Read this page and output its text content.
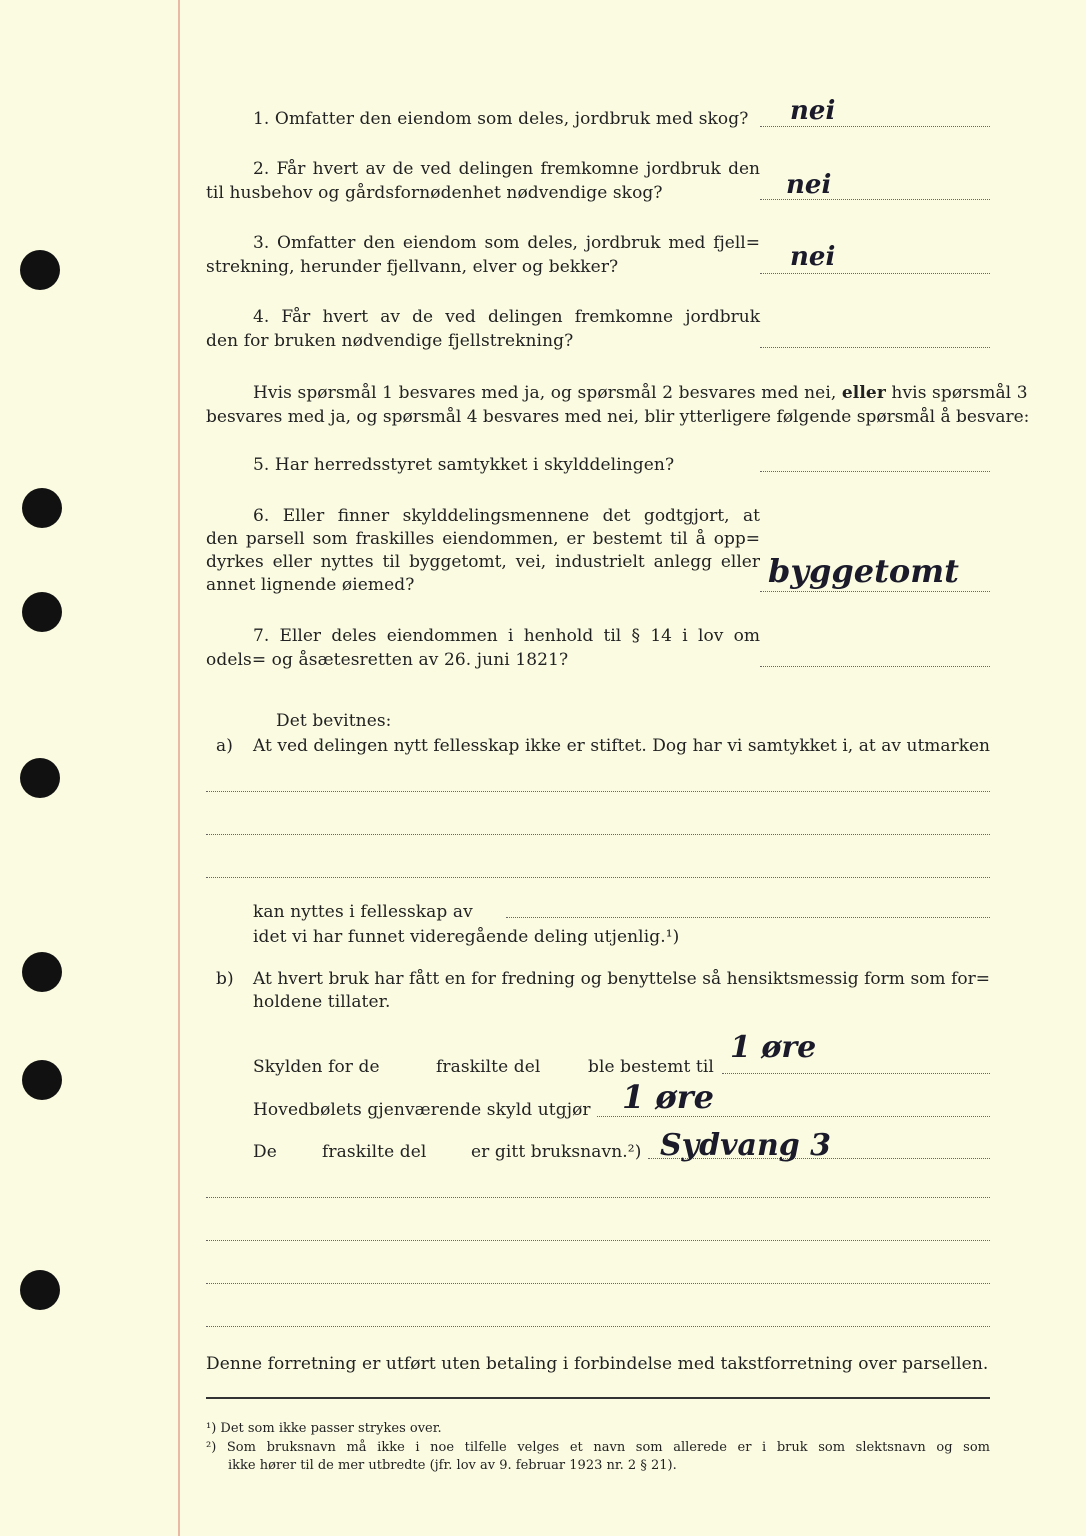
1. Omfatter den eiendom som deles, jordbruk med skog? nei
2. Får hvert av de ved delingen fremkomne jordbruk den
til husbehov og gårdsfornødenhet nødvendige skog?	nei
3. Omfatter den eiendom som deles, jordbruk med fjell=
strekning, herunder fjellvann, elver og bekker?	nei
4. Får hvert av de ved delingen fremkomne jordbruk
den for bruken nødvendige fjellstrekning?
Hvis spørsmål 1 besvares med ja, og spørsmål 2 besvares med nei, eller hvis spørsmål 3
besvares med ja, og spørsmål 4 besvares med nei, blir ytterligere følgende spørsmål å besvare:
5. Har herredsstyret samtykket i skylddelingen?
6. Eller finner skylddelingsmennene det godtgjort, at
den parsell som fraskilles eiendommen, er bestemt til å opp=
dyrkes eller nyttes til byggetomt, vei, industrielt anlegg eller
annet lignende øiemed?	byggetomt
7. Eller deles eiendommen i henhold til § 14 i lov om
odels= og åsætesretten av 26. juni 1821?
Det bevitnes:
a) At ved delingen nytt fellesskap ikke er stiftet. Dog har vi samtykket i, at av utmarken
kan nyttes i fellesskap av
idet vi har funnet videregående deling utjenlig.¹)
b) At hvert bruk har fått en for fredning og benyttelse så hensiktsmessig form som for=
holdene tillater.
Skylden for de	fraskilte del	ble bestemt til
1 øre
Hovedbølets gjenværende skyld utgjør 1 øre
De	fraskilte del	er gitt bruksnavn.²) Sydvang 3
Denne forretning er utført uten betaling i forbindelse med takstforretning over parsellen.
¹) Det som ikke passer strykes over.
²) Som bruksnavn må ikke i noe tilfelle velges et navn som allerede er i bruk som slektsnavn og som
ikke hører til de mer utbredte (jfr. lov av 9. februar 1923 nr. 2 § 21).
